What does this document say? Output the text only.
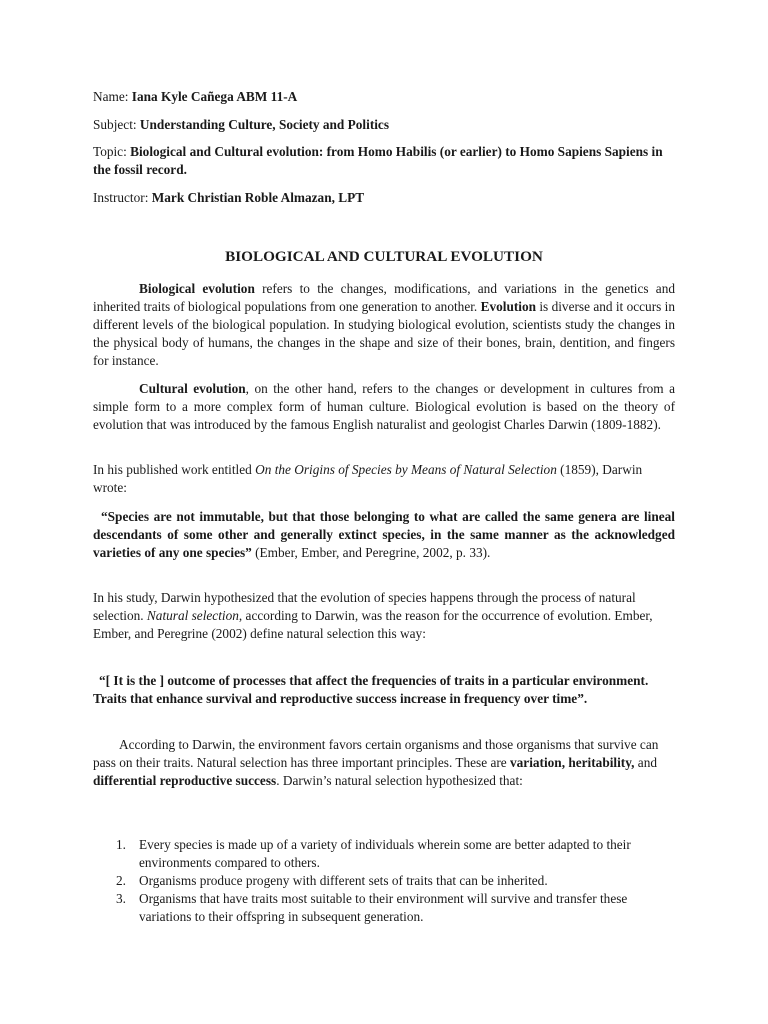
Name: Iana Kyle Cañega ABM 11-A
Subject: Understanding Culture, Society and Politics
Topic: Biological and Cultural evolution: from Homo Habilis (or earlier) to Homo Sapiens Sapiens in the fossil record.
Instructor: Mark Christian Roble Almazan, LPT
BIOLOGICAL AND CULTURAL EVOLUTION
Biological evolution refers to the changes, modifications, and variations in the genetics and inherited traits of biological populations from one generation to another. Evolution is diverse and it occurs in different levels of the biological population. In studying biological evolution, scientists study the changes in the physical body of humans, the changes in the shape and size of their bones, brain, dentition, and fingers for instance.
Cultural evolution, on the other hand, refers to the changes or development in cultures from a simple form to a more complex form of human culture. Biological evolution is based on the theory of evolution that was introduced by the famous English naturalist and geologist Charles Darwin (1809-1882).
In his published work entitled On the Origins of Species by Means of Natural Selection (1859), Darwin wrote:
“Species are not immutable, but that those belonging to what are called the same genera are lineal descendants of some other and generally extinct species, in the same manner as the acknowledged varieties of any one species” (Ember, Ember, and Peregrine, 2002, p. 33).
In his study, Darwin hypothesized that the evolution of species happens through the process of natural selection. Natural selection, according to Darwin, was the reason for the occurrence of evolution. Ember, Ember, and Peregrine (2002) define natural selection this way:
“[ It is the ] outcome of processes that affect the frequencies of traits in a particular environment. Traits that enhance survival and reproductive success increase in frequency over time”.
According to Darwin, the environment favors certain organisms and those organisms that survive can pass on their traits. Natural selection has three important principles. These are variation, heritability, and differential reproductive success. Darwin’s natural selection hypothesized that:
1. Every species is made up of a variety of individuals wherein some are better adapted to their environments compared to others.
2. Organisms produce progeny with different sets of traits that can be inherited.
3. Organisms that have traits most suitable to their environment will survive and transfer these variations to their offspring in subsequent generation.
